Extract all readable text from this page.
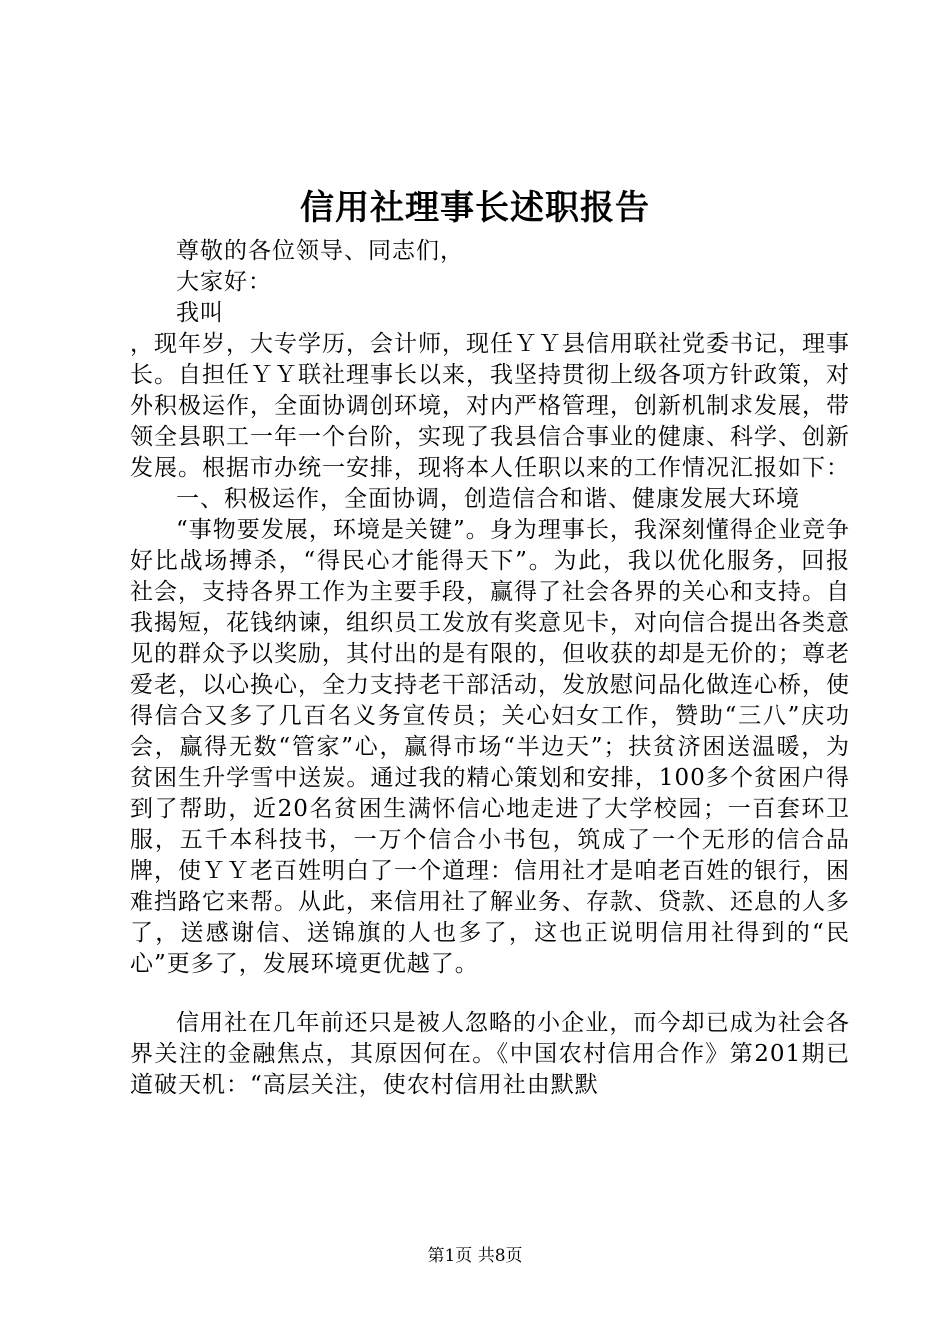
信用社理事长述职报告

尊敬的各位领导、同志们，

大家好：

我叫

，现年岁，大专学历，会计师，现任ＹＹ县信用联社党委书记，理事长。自担任ＹＹ联社理事长以来，我坚持贯彻上级各项方针政策，对外积极运作，全面协调创环境，对内严格管理，创新机制求发展，带领全县职工一年一个台阶，实现了我县信合事业的健康、科学、创新发展。根据市办统一安排，现将本人任职以来的工作情况汇报如下：

一、积极运作，全面协调，创造信合和谐、健康发展大环境

“事物要发展，环境是关键”。身为理事长，我深刻懂得企业竞争好比战场搏杀，“得民心才能得天下”。为此，我以优化服务，回报社会，支持各界工作为主要手段，赢得了社会各界的关心和支持。自我揭短，花钱纳谏，组织员工发放有奖意见卡，对向信合提出各类意见的群众予以奖励，其付出的是有限的，但收获的却是无价的；尊老爱老，以心换心，全力支持老干部活动，发放慰问品化做连心桥，使得信合又多了几百名义务宣传员；关心妇女工作，赞助“三八”庆功会，赢得无数“管家”心，赢得市场“半边天”；扶贫济困送温暖，为贫困生升学雪中送炭。通过我的精心策划和安排，100多个贫困户得到了帮助，近20名贫困生满怀信心地走进了大学校园；一百套环卫服，五千本科技书，一万个信合小书包，筑成了一个无形的信合品牌，使ＹＹ老百姓明白了一个道理：信用社才是咱老百姓的银行，困难挡路它来帮。从此，来信用社了解业务、存款、贷款、还息的人多了，送感谢信、送锦旗的人也多了，这也正说明信用社得到的“民心”更多了，发展环境更优越了。

信用社在几年前还只是被人忽略的小企业，而今却已成为社会各界关注的金融焦点，其原因何在。《中国农村信用合作》第201期已道破天机：“高层关注，使农村信用社由默默

第1页 共8页
